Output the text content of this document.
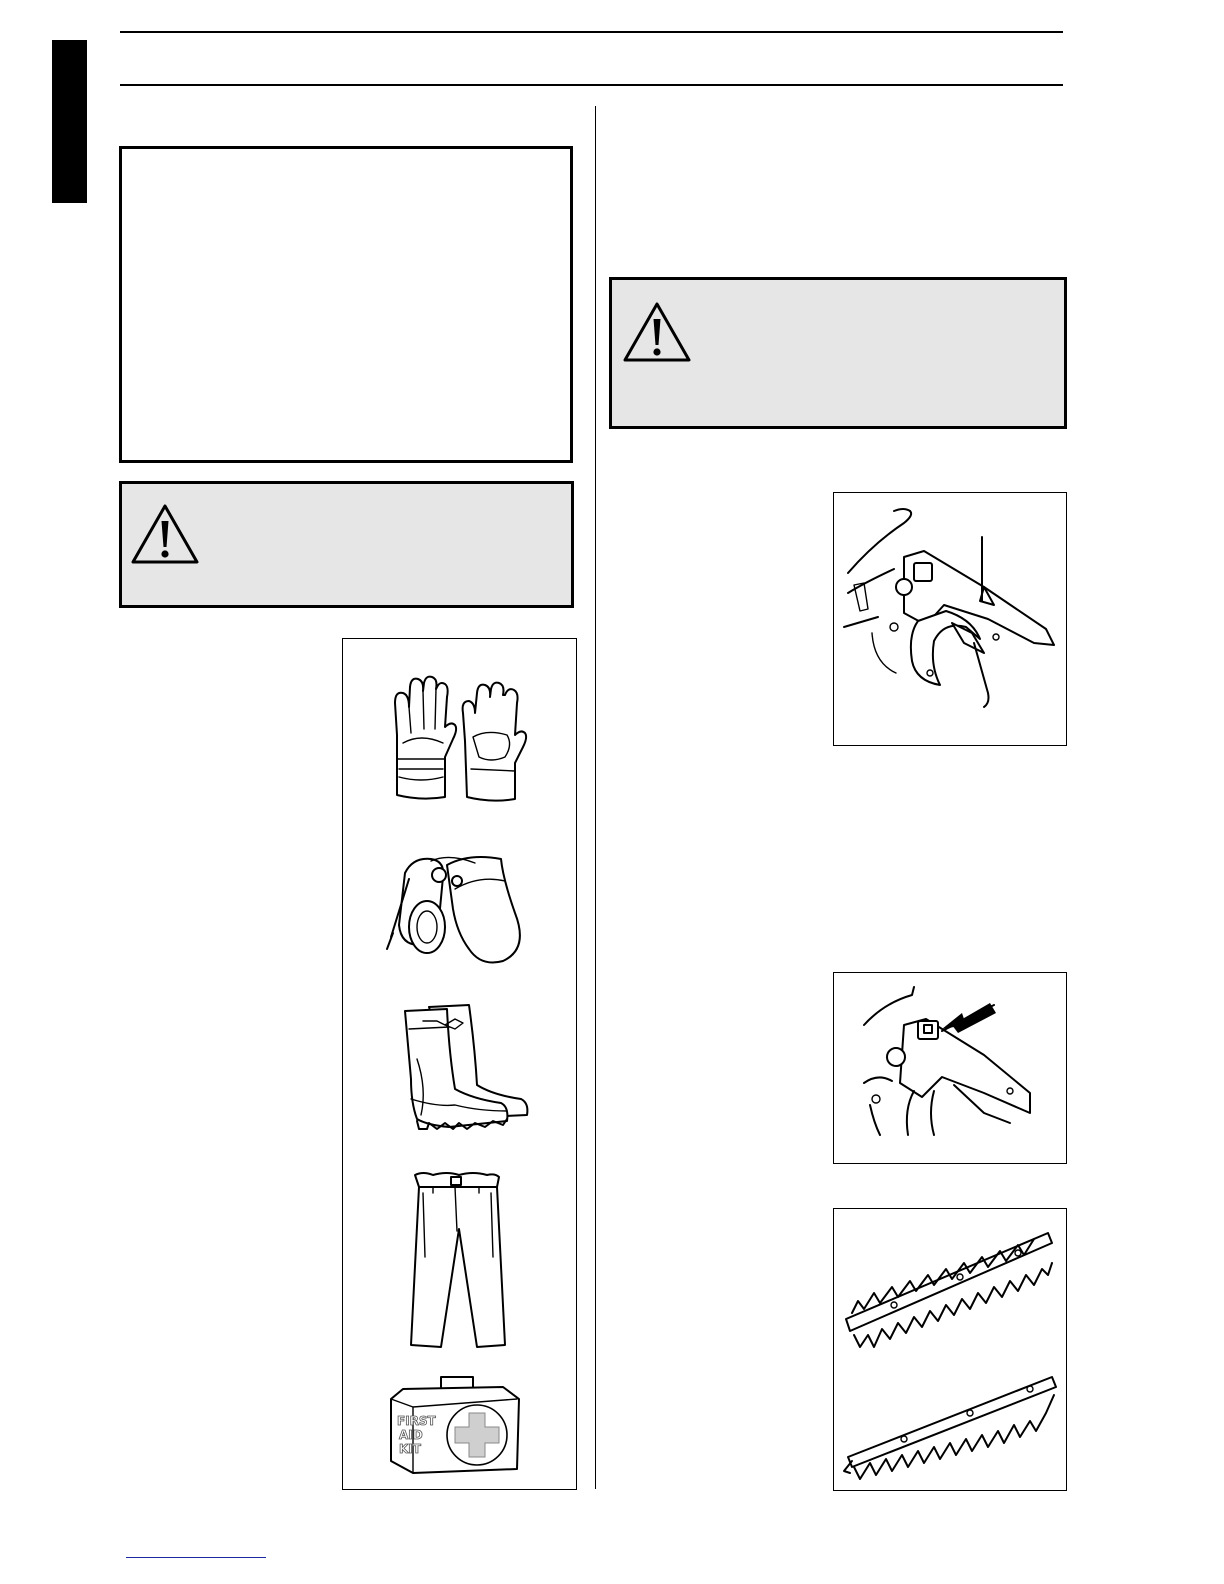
FIRST
AID
KIT
